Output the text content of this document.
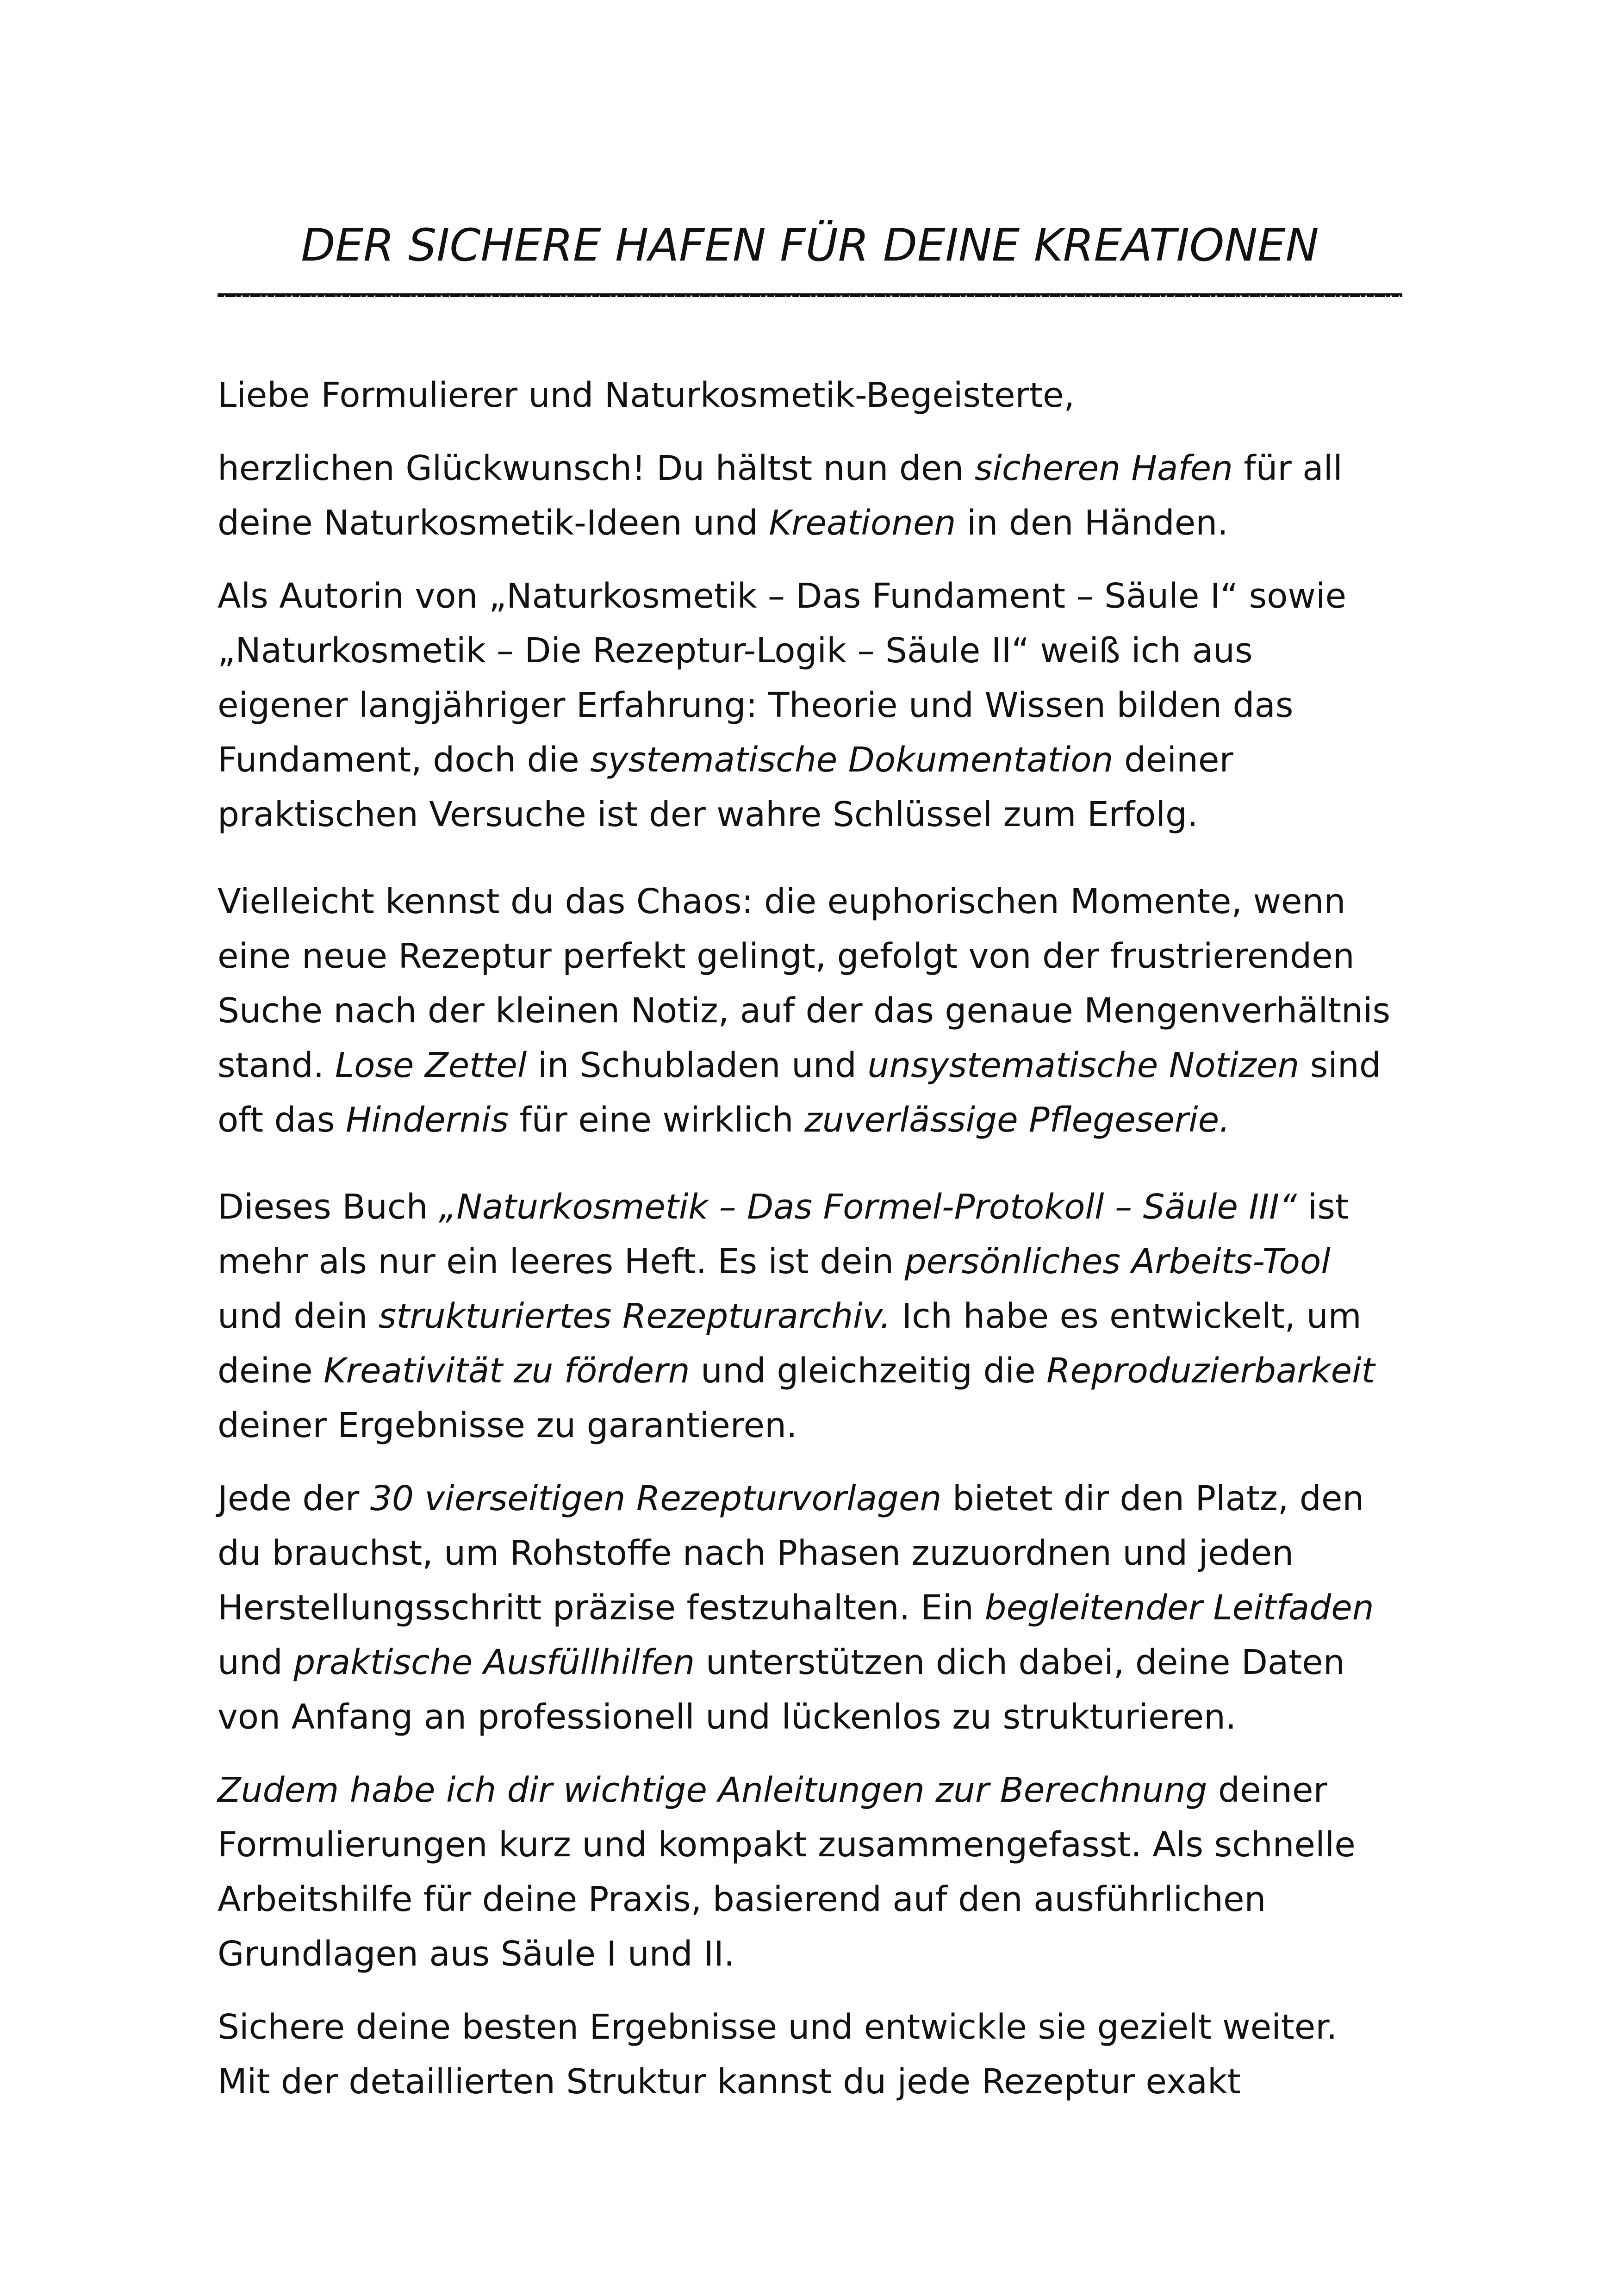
DER SICHERE HAFEN FÜR DEINE KREATIONEN

Liebe Formulierer und Naturkosmetik-Begeisterte,

herzlichen Glückwunsch! Du hältst nun den sicheren Hafen für all
deine Naturkosmetik-Ideen und Kreationen in den Händen.

Als Autorin von „Naturkosmetik – Das Fundament – Säule I“ sowie
„Naturkosmetik – Die Rezeptur-Logik – Säule II“ weiß ich aus
eigener langjähriger Erfahrung: Theorie und Wissen bilden das
Fundament, doch die systematische Dokumentation deiner
praktischen Versuche ist der wahre Schlüssel zum Erfolg.

Vielleicht kennst du das Chaos: die euphorischen Momente, wenn
eine neue Rezeptur perfekt gelingt, gefolgt von der frustrierenden
Suche nach der kleinen Notiz, auf der das genaue Mengenverhältnis
stand. Lose Zettel in Schubladen und unsystematische Notizen sind
oft das Hindernis für eine wirklich zuverlässige Pflegeserie.

Dieses Buch „Naturkosmetik – Das Formel-Protokoll – Säule III“ ist
mehr als nur ein leeres Heft. Es ist dein persönliches Arbeits-Tool
und dein strukturiertes Rezepturarchiv. Ich habe es entwickelt, um
deine Kreativität zu fördern und gleichzeitig die Reproduzierbarkeit
deiner Ergebnisse zu garantieren.

Jede der 30 vierseitigen Rezepturvorlagen bietet dir den Platz, den
du brauchst, um Rohstoffe nach Phasen zuzuordnen und jeden
Herstellungsschritt präzise festzuhalten. Ein begleitender Leitfaden
und praktische Ausfüllhilfen unterstützen dich dabei, deine Daten
von Anfang an professionell und lückenlos zu strukturieren.

Zudem habe ich dir wichtige Anleitungen zur Berechnung deiner
Formulierungen kurz und kompakt zusammengefasst. Als schnelle
Arbeitshilfe für deine Praxis, basierend auf den ausführlichen
Grundlagen aus Säule I und II.

Sichere deine besten Ergebnisse und entwickle sie gezielt weiter.
Mit der detaillierten Struktur kannst du jede Rezeptur exakt
